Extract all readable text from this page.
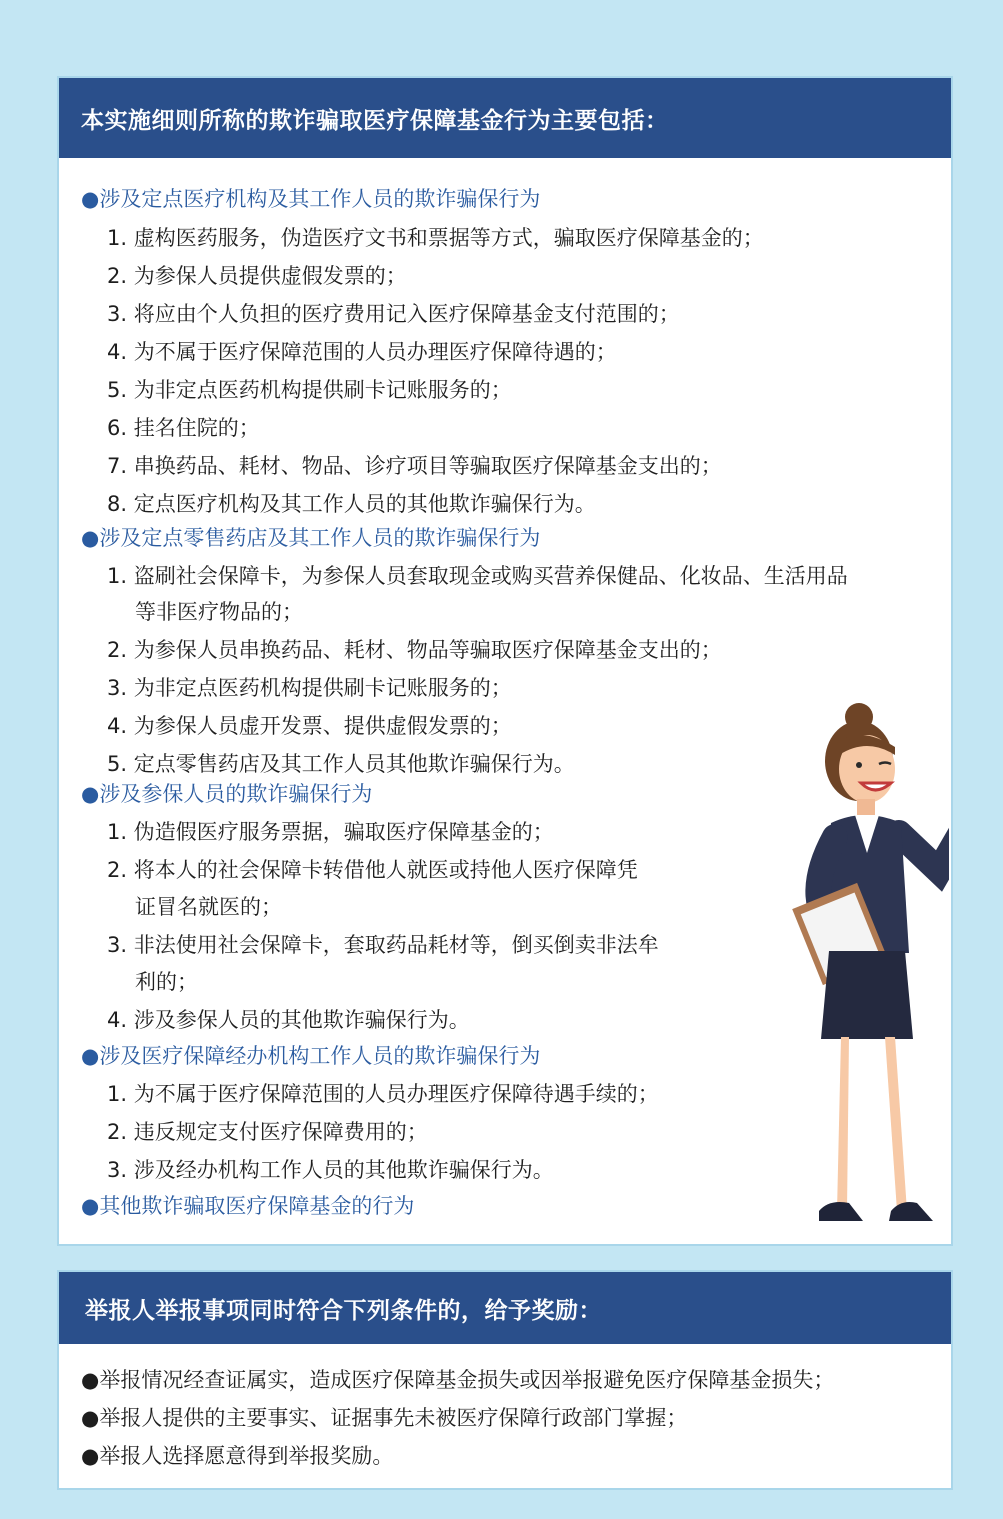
本实施细则所称的欺诈骗取医疗保障基金行为主要包括：
●涉及定点医疗机构及其工作人员的欺诈骗保行为
1. 虚构医药服务，伪造医疗文书和票据等方式，骗取医疗保障基金的；
2. 为参保人员提供虚假发票的；
3. 将应由个人负担的医疗费用记入医疗保障基金支付范围的；
4. 为不属于医疗保障范围的人员办理医疗保障待遇的；
5. 为非定点医药机构提供刷卡记账服务的；
6. 挂名住院的；
7. 串换药品、耗材、物品、诊疗项目等骗取医疗保障基金支出的；
8. 定点医疗机构及其工作人员的其他欺诈骗保行为。
●涉及定点零售药店及其工作人员的欺诈骗保行为
1. 盗刷社会保障卡，为参保人员套取现金或购买营养保健品、化妆品、生活用品
等非医疗物品的；
2. 为参保人员串换药品、耗材、物品等骗取医疗保障基金支出的；
3. 为非定点医药机构提供刷卡记账服务的；
4. 为参保人员虚开发票、提供虚假发票的；
5. 定点零售药店及其工作人员其他欺诈骗保行为。
●涉及参保人员的欺诈骗保行为
1. 伪造假医疗服务票据，骗取医疗保障基金的；
2. 将本人的社会保障卡转借他人就医或持他人医疗保障凭
证冒名就医的；
3. 非法使用社会保障卡，套取药品耗材等，倒买倒卖非法牟
利的；
4. 涉及参保人员的其他欺诈骗保行为。
●涉及医疗保障经办机构工作人员的欺诈骗保行为
1. 为不属于医疗保障范围的人员办理医疗保障待遇手续的；
2. 违反规定支付医疗保障费用的；
3. 涉及经办机构工作人员的其他欺诈骗保行为。
●其他欺诈骗取医疗保障基金的行为
举报人举报事项同时符合下列条件的，给予奖励：
●举报情况经查证属实，造成医疗保障基金损失或因举报避免医疗保障基金损失；
●举报人提供的主要事实、证据事先未被医疗保障行政部门掌握；
●举报人选择愿意得到举报奖励。
